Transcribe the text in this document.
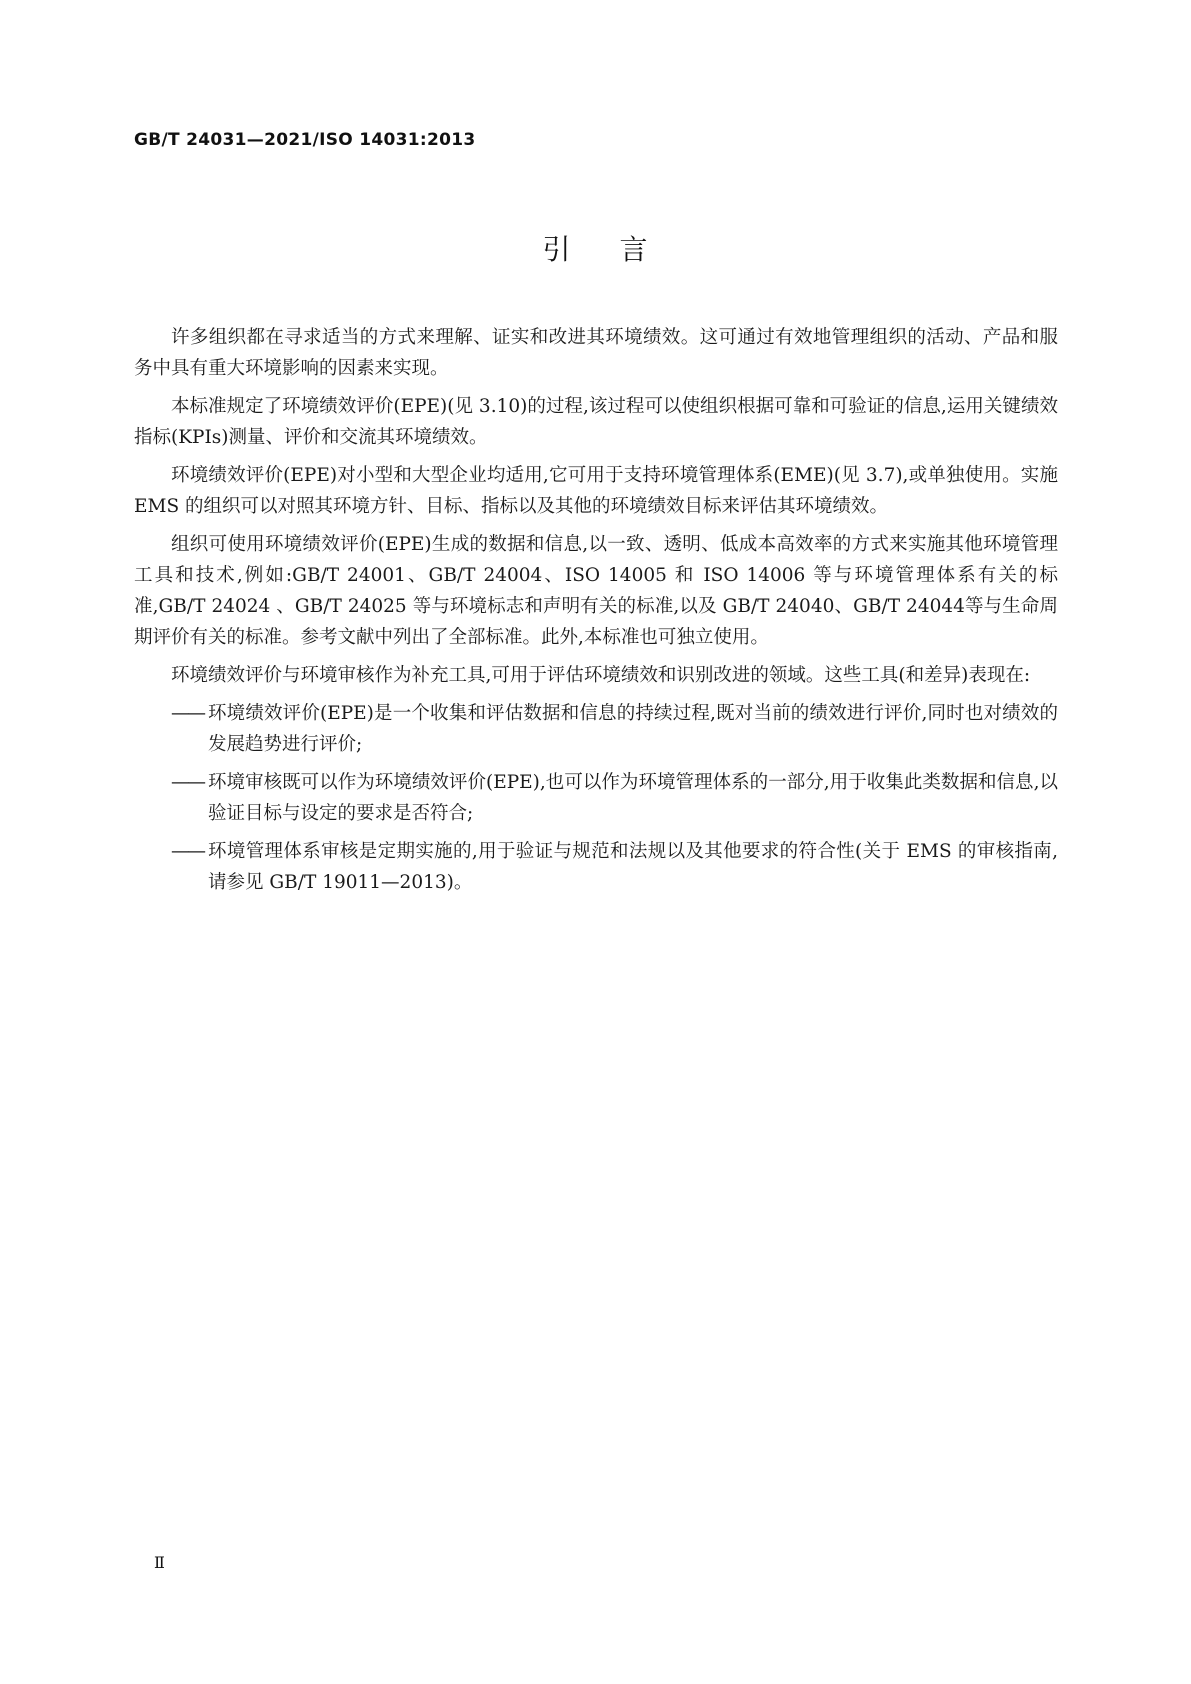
GB/T 24031—2021/ISO 14031:2013
引 言

许多组织都在寻求适当的方式来理解、证实和改进其环境绩效。这可通过有效地管理组织的活动、产品和服务中具有重大环境影响的因素来实现。

本标准规定了环境绩效评价(EPE)(见 3.10)的过程,该过程可以使组织根据可靠和可验证的信息,运用关键绩效指标(KPIs)测量、评价和交流其环境绩效。

环境绩效评价(EPE)对小型和大型企业均适用,它可用于支持环境管理体系(EME)(见 3.7),或单独使用。实施 EMS 的组织可以对照其环境方针、目标、指标以及其他的环境绩效目标来评估其环境绩效。

组织可使用环境绩效评价(EPE)生成的数据和信息,以一致、透明、低成本高效率的方式来实施其他环境管理工具和技术,例如:GB/T 24001、GB/T 24004、ISO 14005 和 ISO 14006 等与环境管理体系有关的标准,GB/T 24024 、GB/T 24025 等与环境标志和声明有关的标准,以及 GB/T 24040、GB/T 24044等与生命周期评价有关的标准。参考文献中列出了全部标准。此外,本标准也可独立使用。

环境绩效评价与环境审核作为补充工具,可用于评估环境绩效和识别改进的领域。这些工具(和差异)表现在:

—— 环境绩效评价(EPE)是一个收集和评估数据和信息的持续过程,既对当前的绩效进行评价,同时也对绩效的发展趋势进行评价;
—— 环境审核既可以作为环境绩效评价(EPE),也可以作为环境管理体系的一部分,用于收集此类数据和信息,以验证目标与设定的要求是否符合;
—— 环境管理体系审核是定期实施的,用于验证与规范和法规以及其他要求的符合性(关于 EMS 的审核指南,请参见 GB/T 19011—2013)。
Ⅱ
